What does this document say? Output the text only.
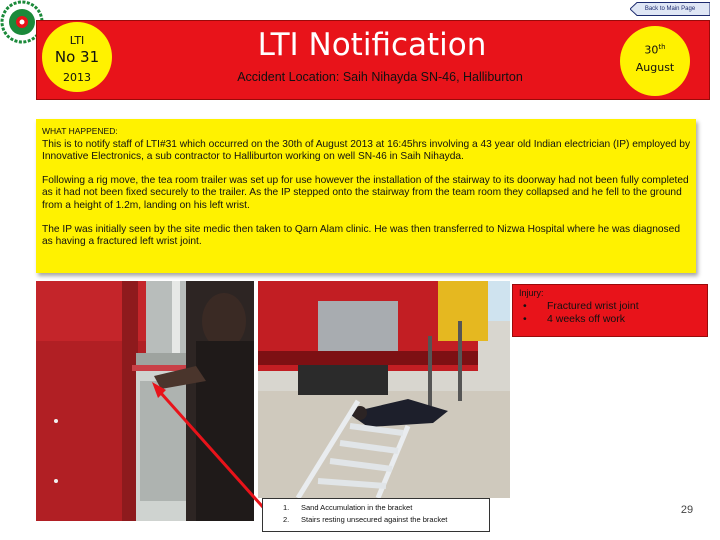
Back to Main Page
LTI
No 31
2013
LTI Notification
Accident Location: Saih Nihayda SN-46, Halliburton
30th
August
WHAT HAPPENED:

This is to notify staff of LTI#31 which occurred on the 30th of August 2013 at 16:45hrs involving a 43 year old Indian electrician (IP) employed by Innovative Electronics, a sub contractor to Halliburton working on well SN-46 in Saih Nihayda.

Following a rig move, the tea room trailer was set up for use however the installation of the stairway to its doorway had not been fully completed as it had not been fixed securely to the trailer. As the IP stepped onto the stairway from the team room they collapsed and he fell to the ground from a height of 1.2m, landing on his left wrist.

The IP was initially seen by the site medic then taken to Qarn Alam clinic. He was then transferred to Nizwa Hospital where he was diagnosed as having a fractured left wrist joint.

Injury:
• Fractured wrist joint
• 4 weeks off work
1. Sand Accumulation in the bracket
2. Stairs resting unsecured against the bracket
29
